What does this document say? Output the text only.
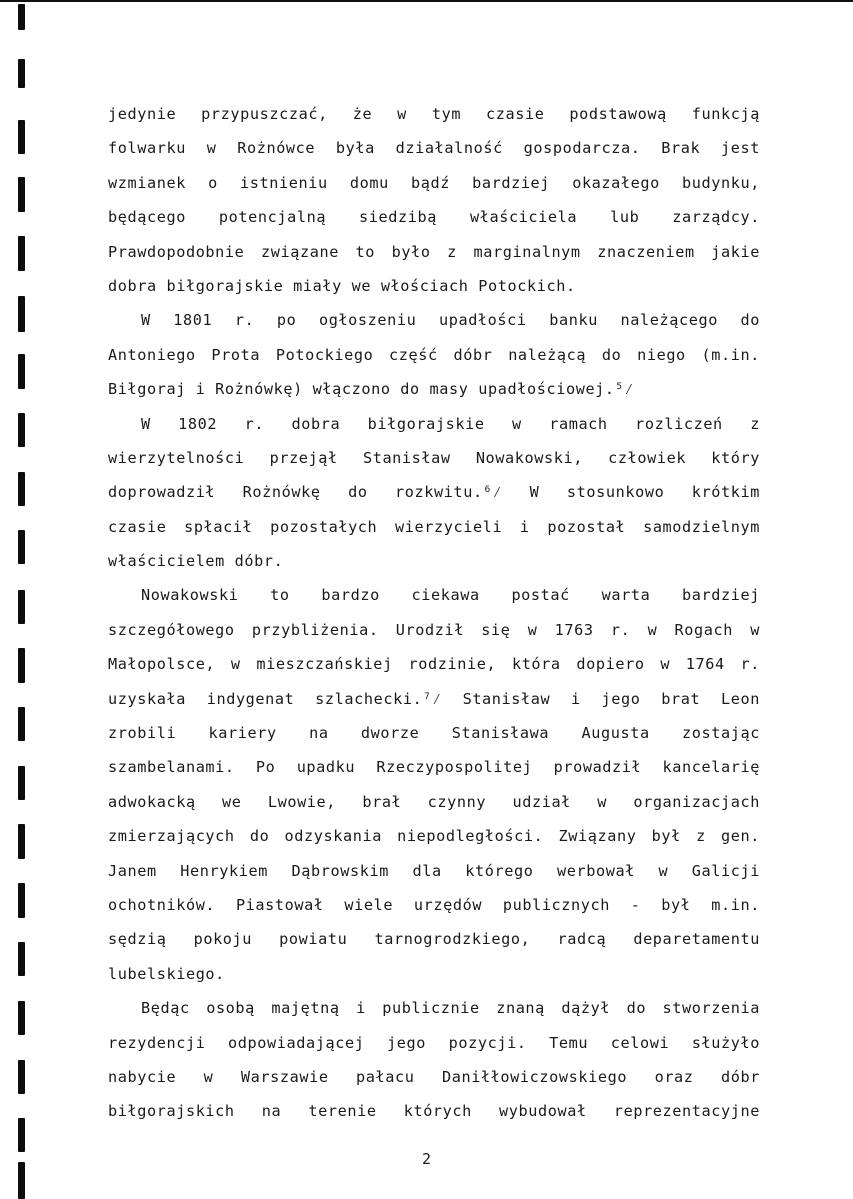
jedynie przypuszczać, że w tym czasie podstawową funkcją
folwarku w Rożnówce była działalność gospodarcza. Brak jest
wzmianek o istnieniu domu bądź bardziej okazałego budynku,
będącego potencjalną siedzibą właściciela lub zarządcy.
Prawdopodobnie związane to było z marginalnym znaczeniem jakie
dobra biłgorajskie miały we włościach Potockich.
W 1801 r. po ogłoszeniu upadłości banku należącego do
Antoniego Prota Potockiego część dóbr należącą do niego (m.in.
Biłgoraj i Rożnówkę) włączono do masy upadłościowej.⁵⁄
W 1802 r. dobra biłgorajskie w ramach rozliczeń z
wierzytelności przejął Stanisław Nowakowski, człowiek który
doprowadził Rożnówkę do rozkwitu.⁶⁄ W stosunkowo krótkim
czasie spłacił pozostałych wierzycieli i pozostał samodzielnym
właścicielem dóbr.
Nowakowski to bardzo ciekawa postać warta bardziej
szczegółowego przybliżenia. Urodził się w 1763 r. w Rogach w
Małopolsce, w mieszczańskiej rodzinie, która dopiero w 1764 r.
uzyskała indygenat szlachecki.⁷⁄ Stanisław i jego brat Leon
zrobili kariery na dworze Stanisława Augusta zostając
szambelanami. Po upadku Rzeczypospolitej prowadził kancelarię
adwokacką we Lwowie, brał czynny udział w organizacjach
zmierzających do odzyskania niepodległości. Związany był z gen.
Janem Henrykiem Dąbrowskim dla którego werbował w Galicji
ochotników. Piastował wiele urzędów publicznych - był m.in.
sędzią pokoju powiatu tarnogrodzkiego, radcą deparetamentu
lubelskiego.
Będąc osobą majętną i publicznie znaną dążył do stworzenia
rezydencji odpowiadającej jego pozycji. Temu celowi służyło
nabycie w Warszawie pałacu Daniłłowiczowskiego oraz dóbr
biłgorajskich na terenie których wybudował reprezentacyjne
2
